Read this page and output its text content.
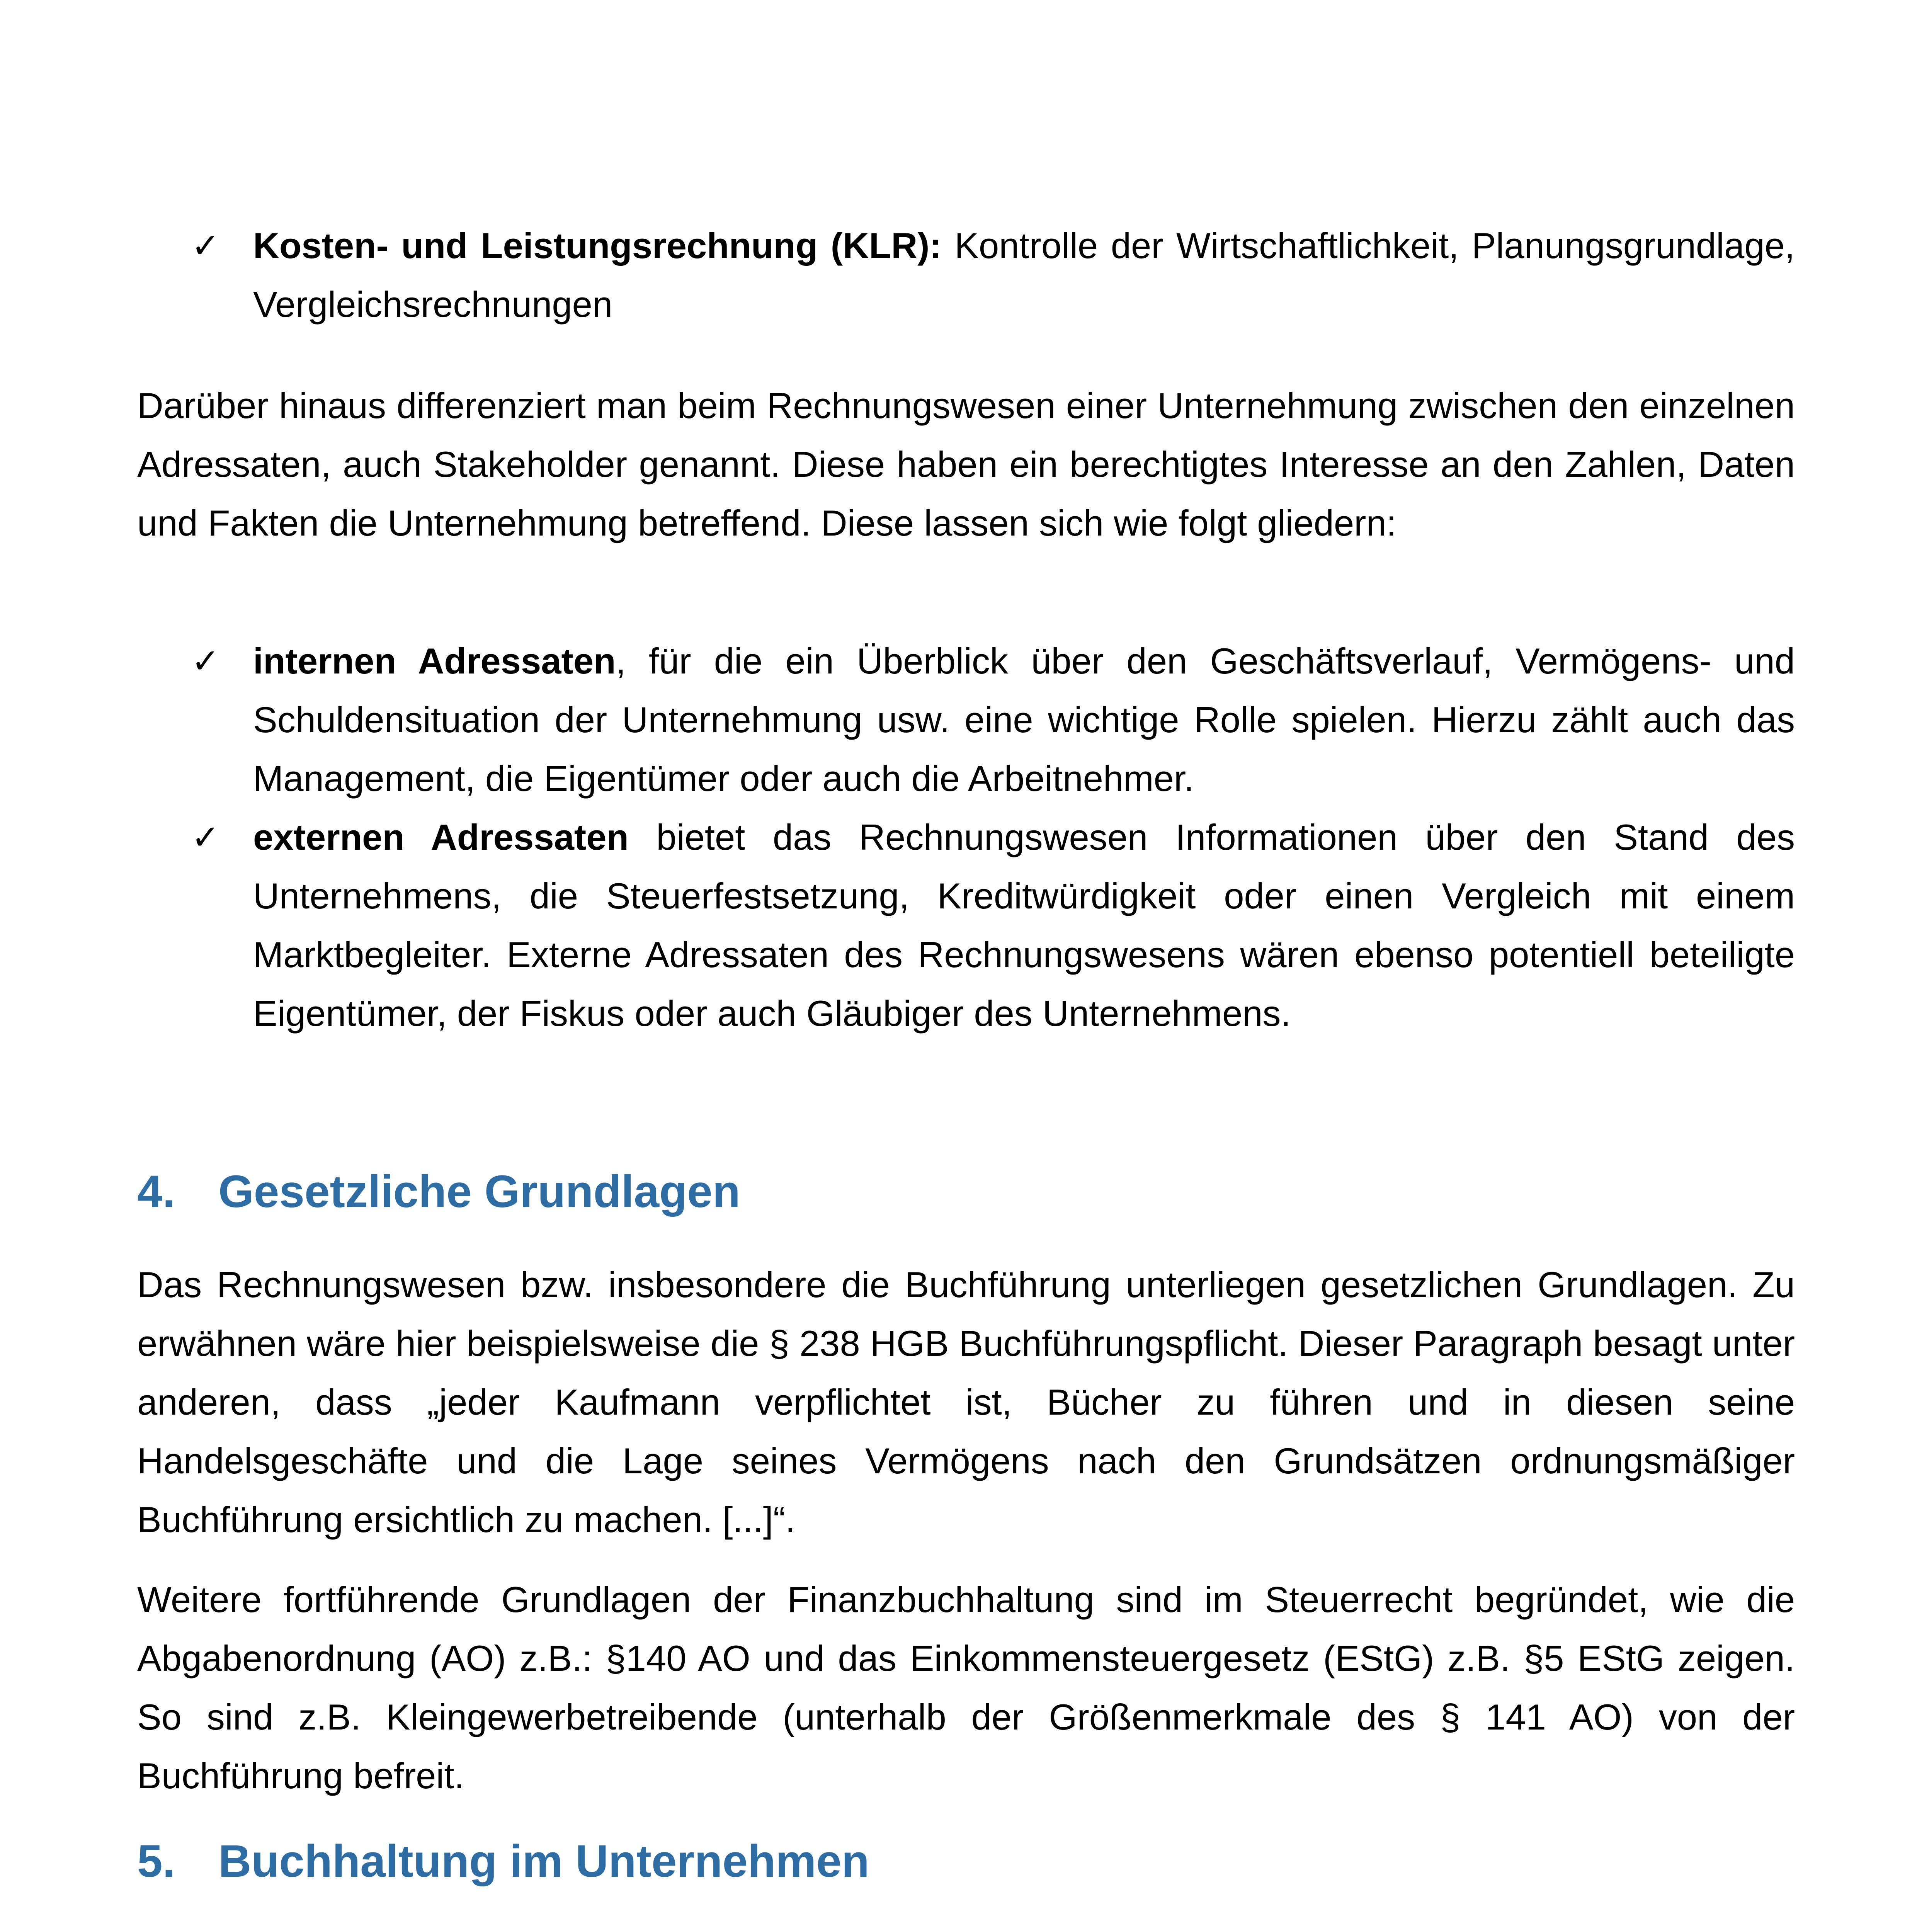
✓ Kosten- und Leistungsrechnung (KLR): Kontrolle der Wirtschaftlichkeit, Planungsgrundlage, Vergleichsrechnungen

Darüber hinaus differenziert man beim Rechnungswesen einer Unternehmung zwischen den einzelnen Adressaten, auch Stakeholder genannt. Diese haben ein berechtigtes Interesse an den Zahlen, Daten und Fakten die Unternehmung betreffend. Diese lassen sich wie folgt gliedern:

✓ internen Adressaten, für die ein Überblick über den Geschäftsverlauf, Vermögens- und Schuldensituation der Unternehmung usw. eine wichtige Rolle spielen. Hierzu zählt auch das Management, die Eigentümer oder auch die Arbeitnehmer.
✓ externen Adressaten bietet das Rechnungswesen Informationen über den Stand des Unternehmens, die Steuerfestsetzung, Kreditwürdigkeit oder einen Vergleich mit einem Marktbegleiter. Externe Adressaten des Rechnungswesens wären ebenso potentiell beteiligte Eigentümer, der Fiskus oder auch Gläubiger des Unternehmens.
4. Gesetzliche Grundlagen

Das Rechnungswesen bzw. insbesondere die Buchführung unterliegen gesetzlichen Grundlagen. Zu erwähnen wäre hier beispielsweise die § 238 HGB Buchführungspflicht. Dieser Paragraph besagt unter anderen, dass „jeder Kaufmann verpflichtet ist, Bücher zu führen und in diesen seine Handelsgeschäfte und die Lage seines Vermögens nach den Grundsätzen ordnungsmäßiger Buchführung ersichtlich zu machen. [...]“.

Weitere fortführende Grundlagen der Finanzbuchhaltung sind im Steuerrecht begründet, wie die Abgabenordnung (AO) z.B.: §140 AO und das Einkommensteuergesetz (EStG) z.B. §5 EStG zeigen. So sind z.B. Kleingewerbetreibende (unterhalb der Größenmerkmale des § 141 AO) von der Buchführung befreit.

5. Buchhaltung im Unternehmen
